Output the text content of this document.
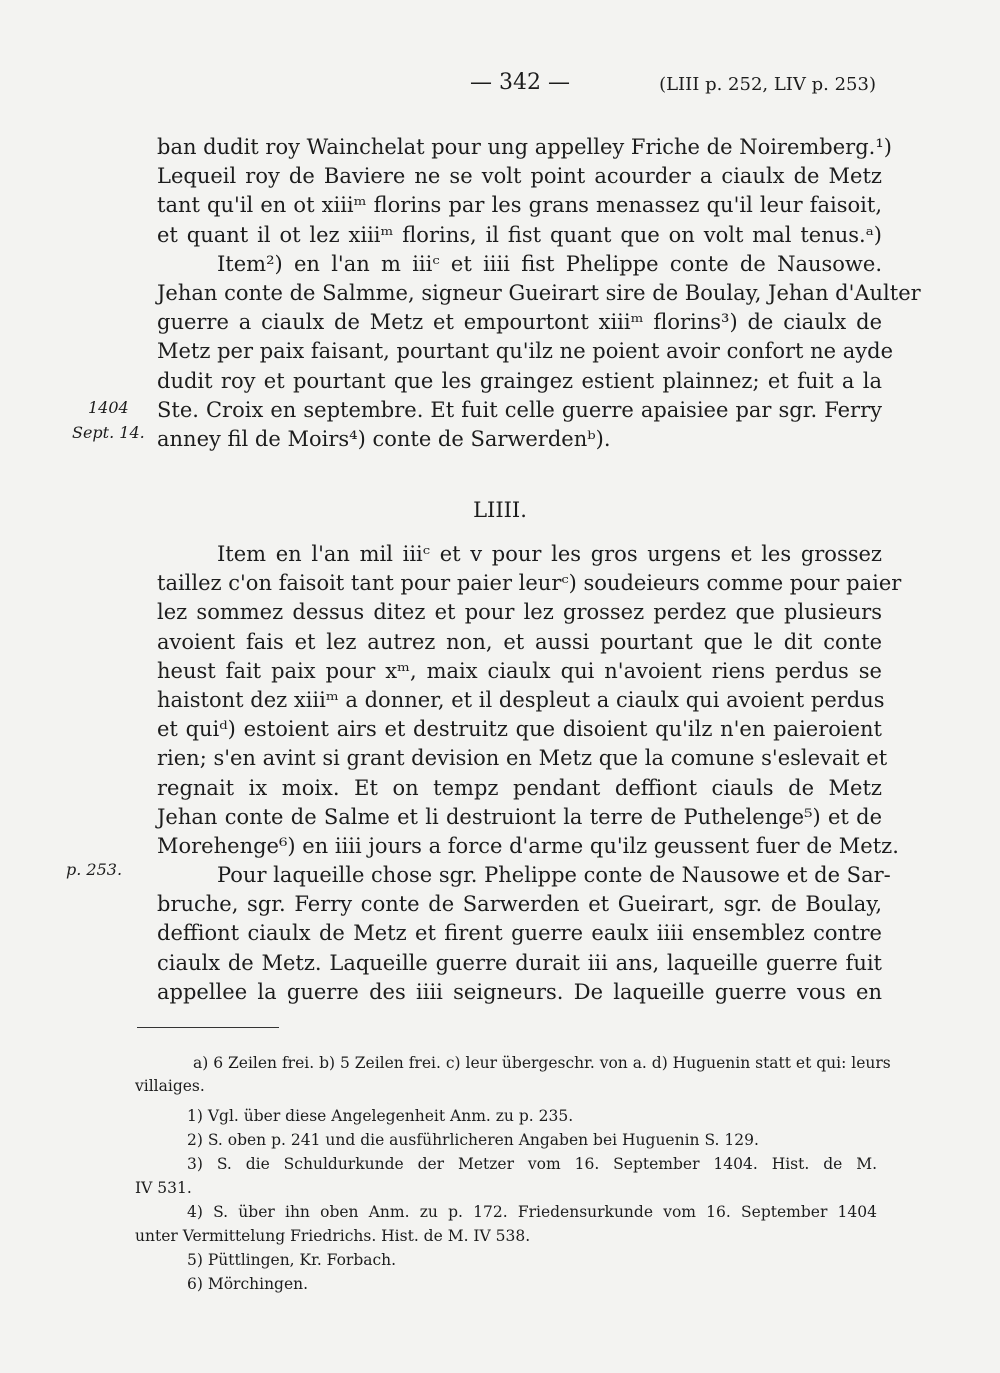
— 342 —	(LIII p. 252, LIV p. 253)
ban dudit roy Wainchelat pour ung appelley Friche de Noiremberg.¹)
Lequeil roy de Baviere ne se volt point acourder a ciaulx de Metz
tant qu'il en ot xiiiᵐ florins par les grans menassez qu'il leur faisoit,
et quant il ot lez xiiiᵐ florins, il fist quant que on volt mal tenus.ᵃ)
Item²) en l'an m iiiᶜ et iiii fist Phelippe conte de Nausowe.
Jehan conte de Salmme, signeur Gueirart sire de Boulay, Jehan d'Aulter
guerre a ciaulx de Metz et empourtont xiiiᵐ florins³) de ciaulx de
Metz per paix faisant, pourtant qu'ilz ne poient avoir confort ne ayde
dudit roy et pourtant que les graingez estient plainnez; et fuit a la
Ste. Croix en septembre. Et fuit celle guerre apaisiee par sgr. Ferry
anney fil de Moirs⁴) conte de Sarwerdenᵇ).
1404
Sept. 14.
LIIII.
Item en l'an mil iiiᶜ et v pour les gros urgens et les grossez
taillez c'on faisoit tant pour paier leurᶜ) soudeieurs comme pour paier
lez sommez dessus ditez et pour lez grossez perdez que plusieurs
avoient fais et lez autrez non, et aussi pourtant que le dit conte
heust fait paix pour xᵐ, maix ciaulx qui n'avoient riens perdus se
haistont dez xiiiᵐ a donner, et il despleut a ciaulx qui avoient perdus
et quiᵈ) estoient airs et destruitz que disoient qu'ilz n'en paieroient
rien; s'en avint si grant devision en Metz que la comune s'eslevait et
regnait ix moix. Et on tempz pendant deffiont ciauls de Metz
Jehan conte de Salme et li destruiont la terre de Puthelenge⁵) et de
Morehenge⁶) en iiii jours a force d'arme qu'ilz geussent fuer de Metz.
Pour laqueille chose sgr. Phelippe conte de Nausowe et de Sar-
bruche, sgr. Ferry conte de Sarwerden et Gueirart, sgr. de Boulay,
deffiont ciaulx de Metz et firent guerre eaulx iiii ensemblez contre
ciaulx de Metz. Laqueille guerre durait iii ans, laqueille guerre fuit
appellee la guerre des iiii seigneurs. De laqueille guerre vous en
p. 253.
a) 6 Zeilen frei. b) 5 Zeilen frei. c) leur übergeschr. von a. d) Huguenin statt et qui: leurs
villaiges.
1) Vgl. über diese Angelegenheit Anm. zu p. 235.
2) S. oben p. 241 und die ausführlicheren Angaben bei Huguenin S. 129.
3) S. die Schuldurkunde der Metzer vom 16. September 1404. Hist. de M.
IV 531.
4) S. über ihn oben Anm. zu p. 172. Friedensurkunde vom 16. September 1404
unter Vermittelung Friedrichs. Hist. de M. IV 538.
5) Püttlingen, Kr. Forbach.
6) Mörchingen.
